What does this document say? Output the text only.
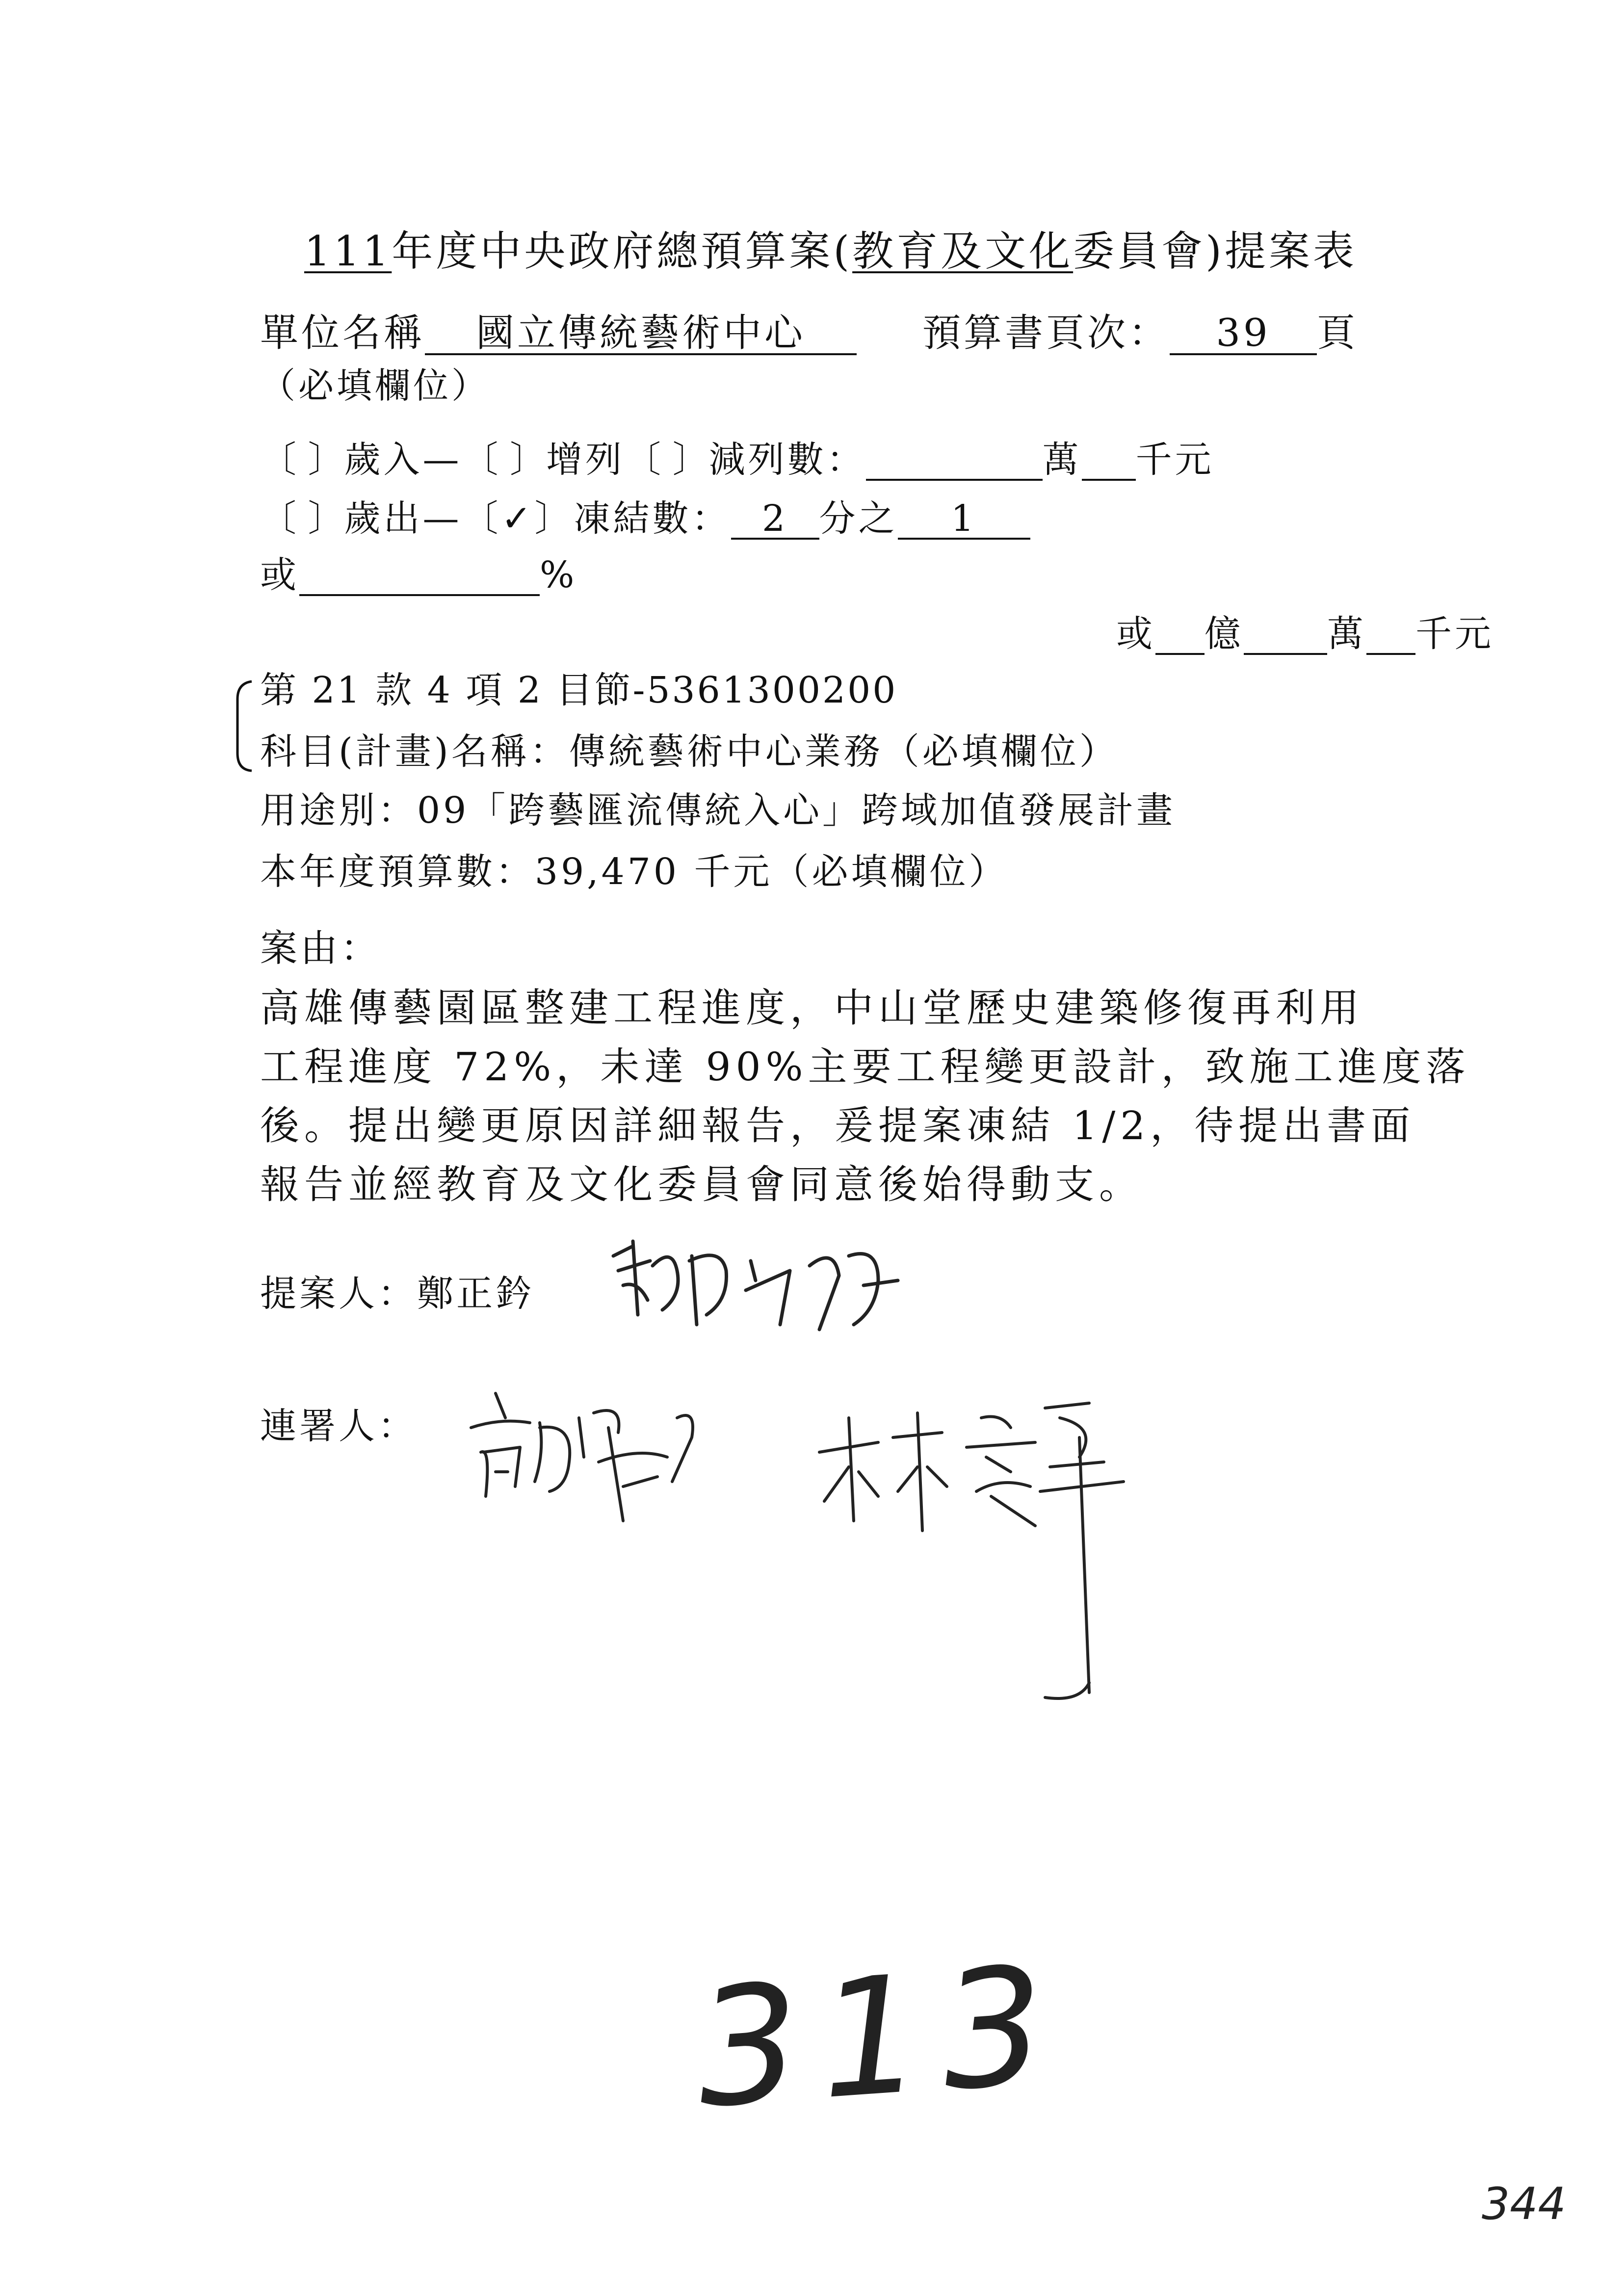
111年度中央政府總預算案(教育及文化委員會)提案表
單位名稱 國立傳統藝術中心	預算書頁次： 39 頁
（必填欄位）
〔 〕歲入—〔 〕增列〔 〕減列數：	萬 千元
〔 〕歲出—〔✓〕凍結數： 2 分之 1
或	%
或 億 萬 千元
第 21 款 4 項 2 目節-5361300200
科目(計畫)名稱：傳統藝術中心業務（必填欄位）
用途別：09「跨藝匯流傳統入心」跨域加值發展計畫
本年度預算數：39,470 千元（必填欄位）
案由：
高雄傳藝園區整建工程進度，中山堂歷史建築修復再利用
工程進度 72%，未達 90%主要工程變更設計，致施工進度落
後。提出變更原因詳細報告，爰提案凍結 1/2，待提出書面
報告並經教育及文化委員會同意後始得動支。
提案人：鄭正鈐
連署人：
313
344
